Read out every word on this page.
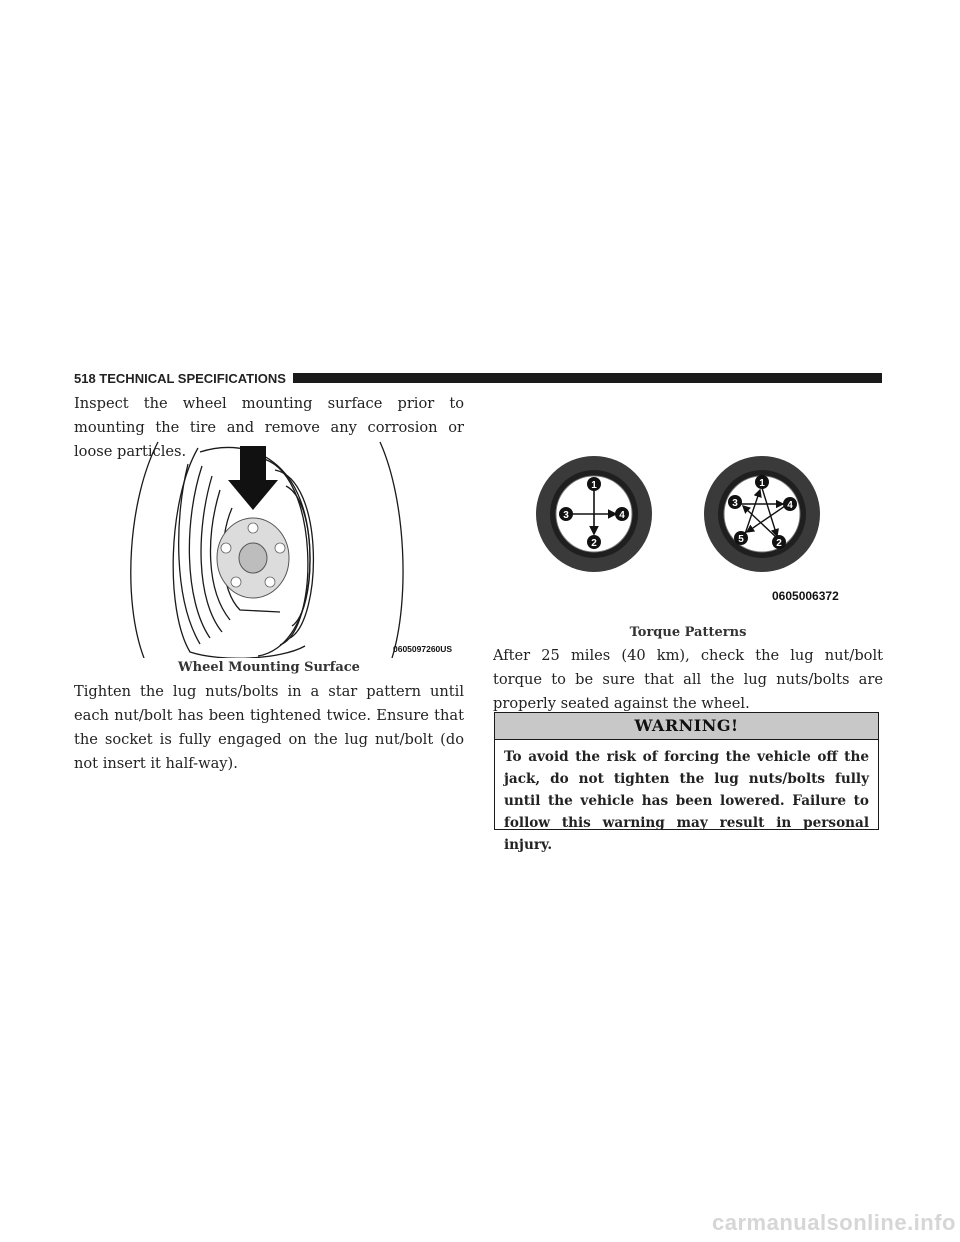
518 TECHNICAL SPECIFICATIONS

Inspect the wheel mounting surface prior to mounting the tire and remove any corrosion or loose particles.

0605097260US
Wheel Mounting Surface

Tighten the lug nuts/bolts in a star pattern until each nut/bolt has been tightened twice. Ensure that the socket is fully engaged on the lug nut/bolt (do not insert it half-way).

1
2
3	4
1
2
3	4
5
0605006372
Torque Patterns

After 25 miles (40 km), check the lug nut/bolt torque to be sure that all the lug nuts/bolts are properly seated against the wheel.

WARNING!
To avoid the risk of forcing the vehicle off the jack, do not tighten the lug nuts/bolts fully until the vehicle has been lowered. Failure to follow this warning may result in personal injury.
carmanualsonline.info
